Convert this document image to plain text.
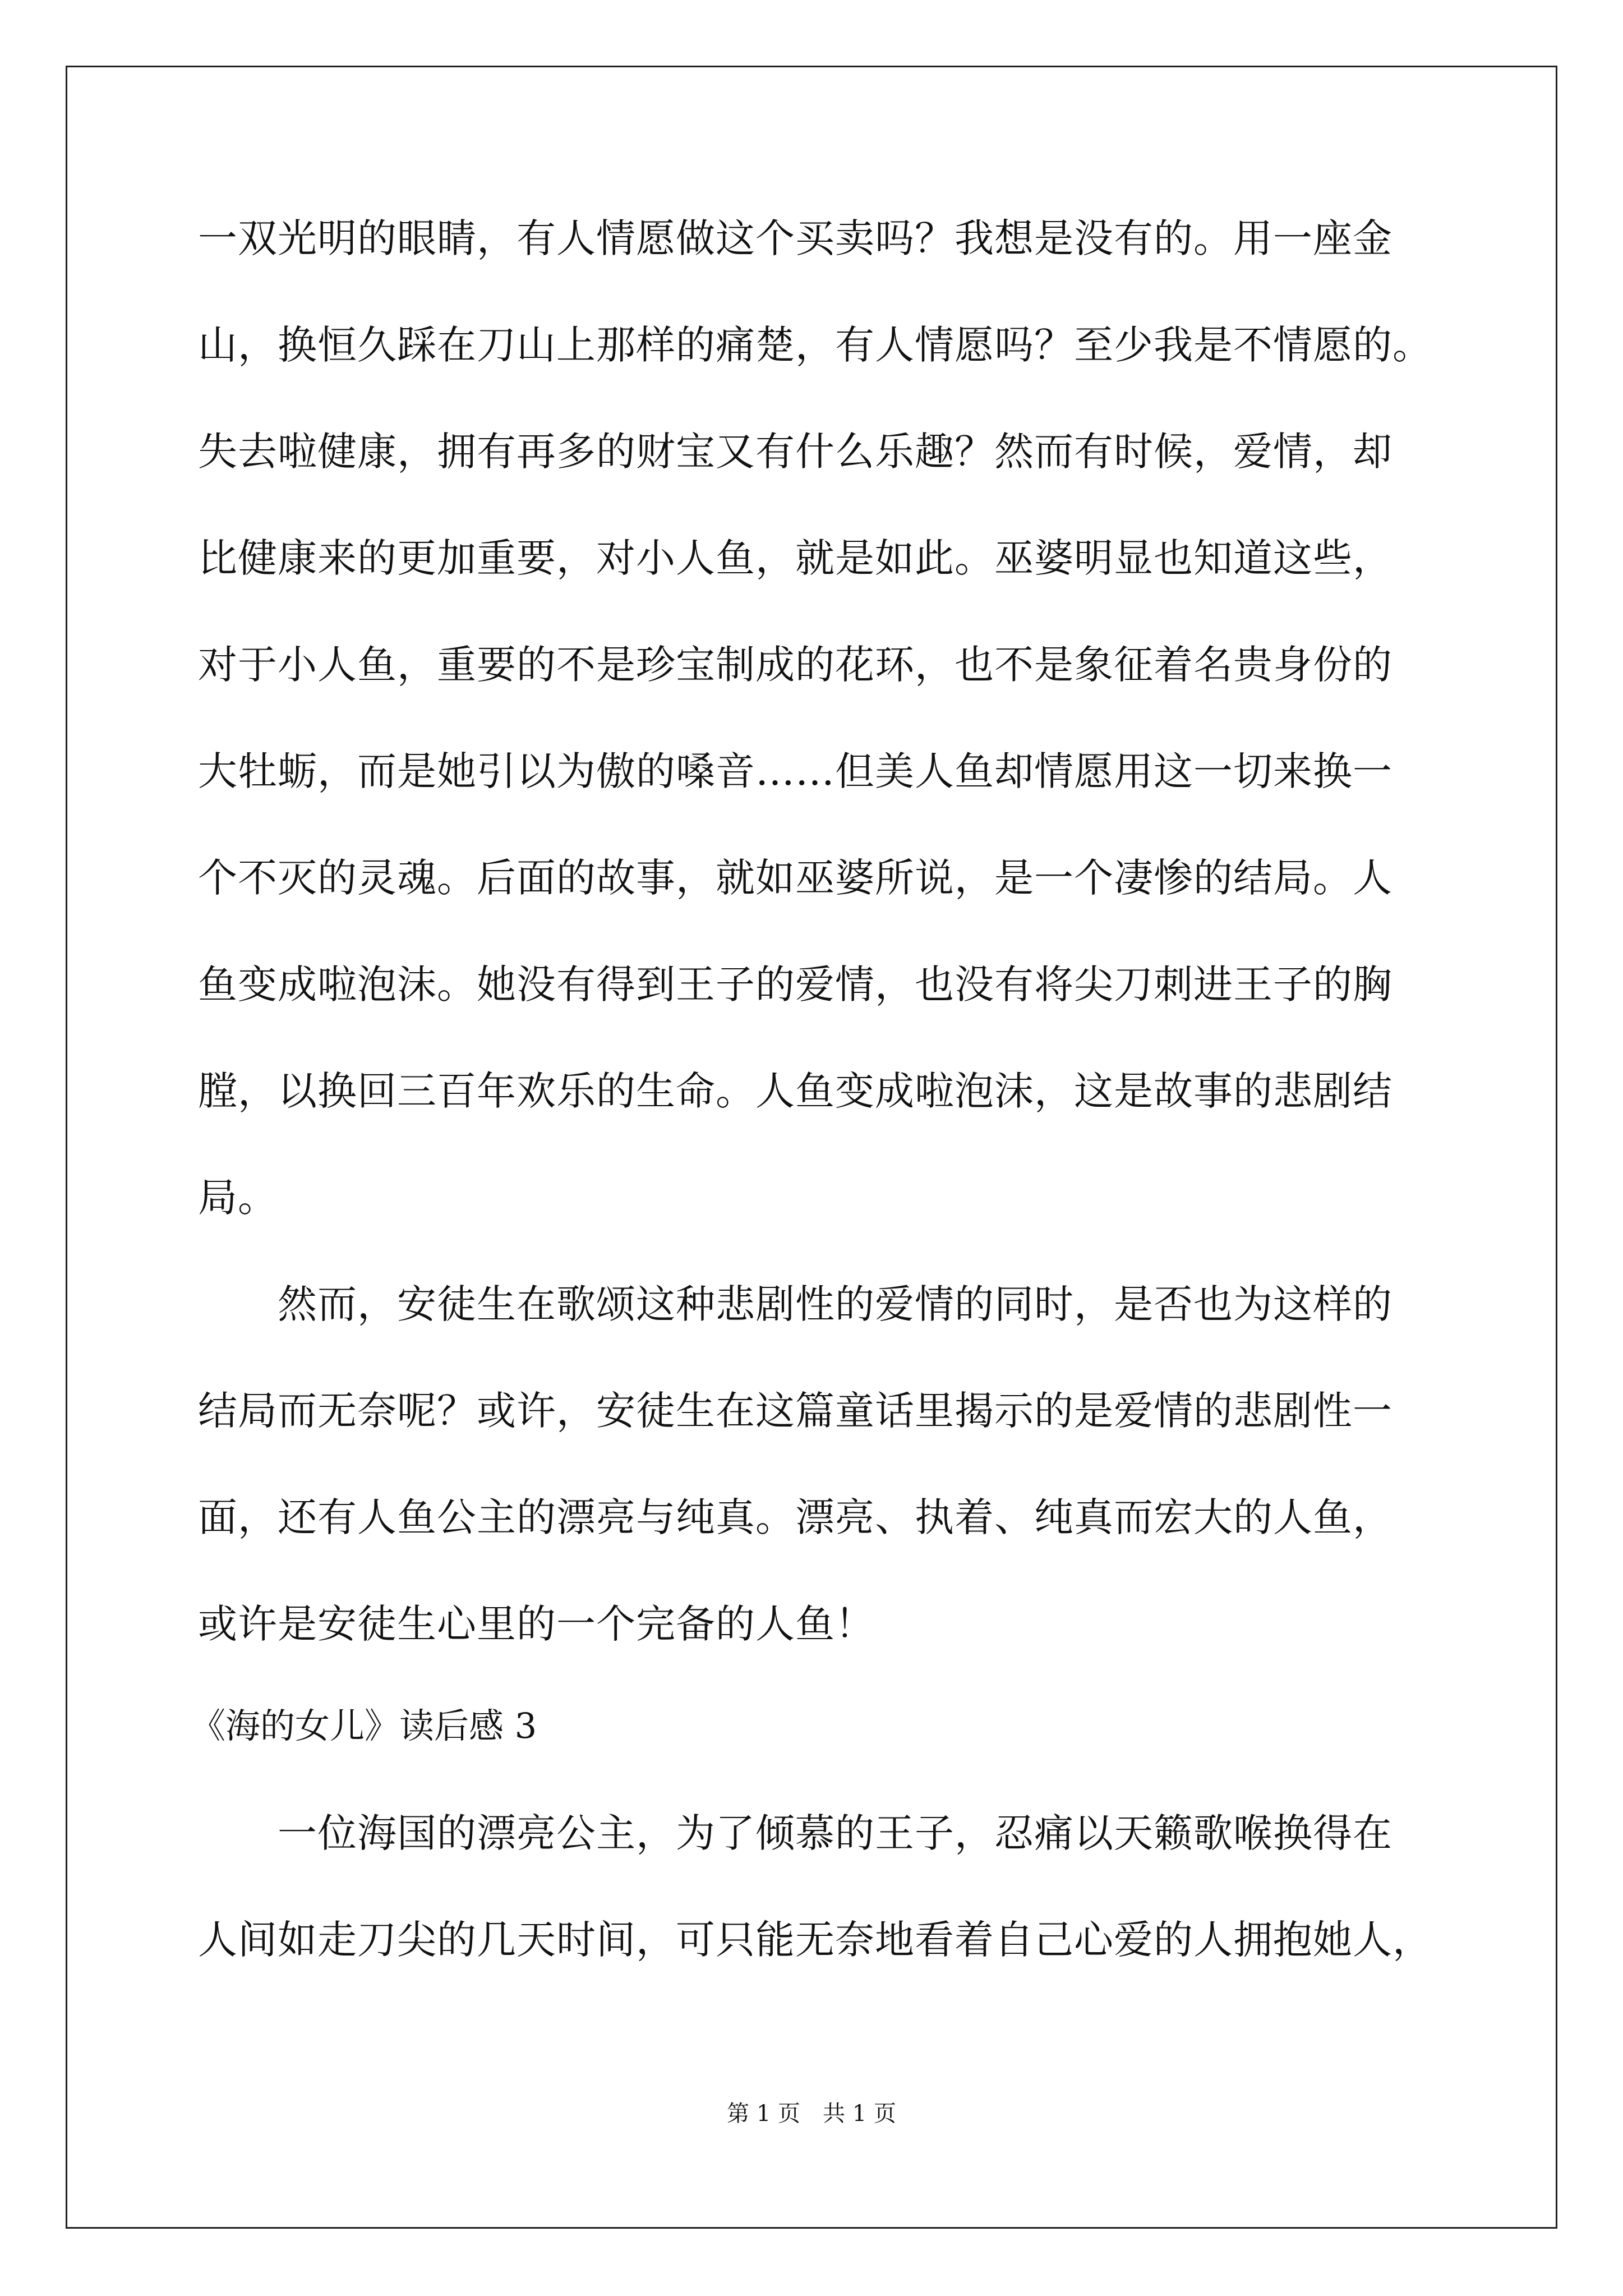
一双光明的眼睛，有人情愿做这个买卖吗？我想是没有的。用一座金
山，换恒久踩在刀山上那样的痛楚，有人情愿吗？至少我是不情愿的。
失去啦健康，拥有再多的财宝又有什么乐趣？然而有时候，爱情，却
比健康来的更加重要，对小人鱼，就是如此。巫婆明显也知道这些，
对于小人鱼，重要的不是珍宝制成的花环，也不是象征着名贵身份的
大牡蛎，而是她引以为傲的嗓音……但美人鱼却情愿用这一切来换一
个不灭的灵魂。后面的故事，就如巫婆所说，是一个凄惨的结局。人
鱼变成啦泡沫。她没有得到王子的爱情，也没有将尖刀刺进王子的胸
膛，以换回三百年欢乐的生命。人鱼变成啦泡沫，这是故事的悲剧结
局。
然而，安徒生在歌颂这种悲剧性的爱情的同时，是否也为这样的
结局而无奈呢？或许，安徒生在这篇童话里揭示的是爱情的悲剧性一
面，还有人鱼公主的漂亮与纯真。漂亮、执着、纯真而宏大的人鱼，
或许是安徒生心里的一个完备的人鱼！
《海的女儿》读后感 3
一位海国的漂亮公主，为了倾慕的王子，忍痛以天籁歌喉换得在
人间如走刀尖的几天时间，可只能无奈地看着自己心爱的人拥抱她人，
第 1 页　共 1 页
